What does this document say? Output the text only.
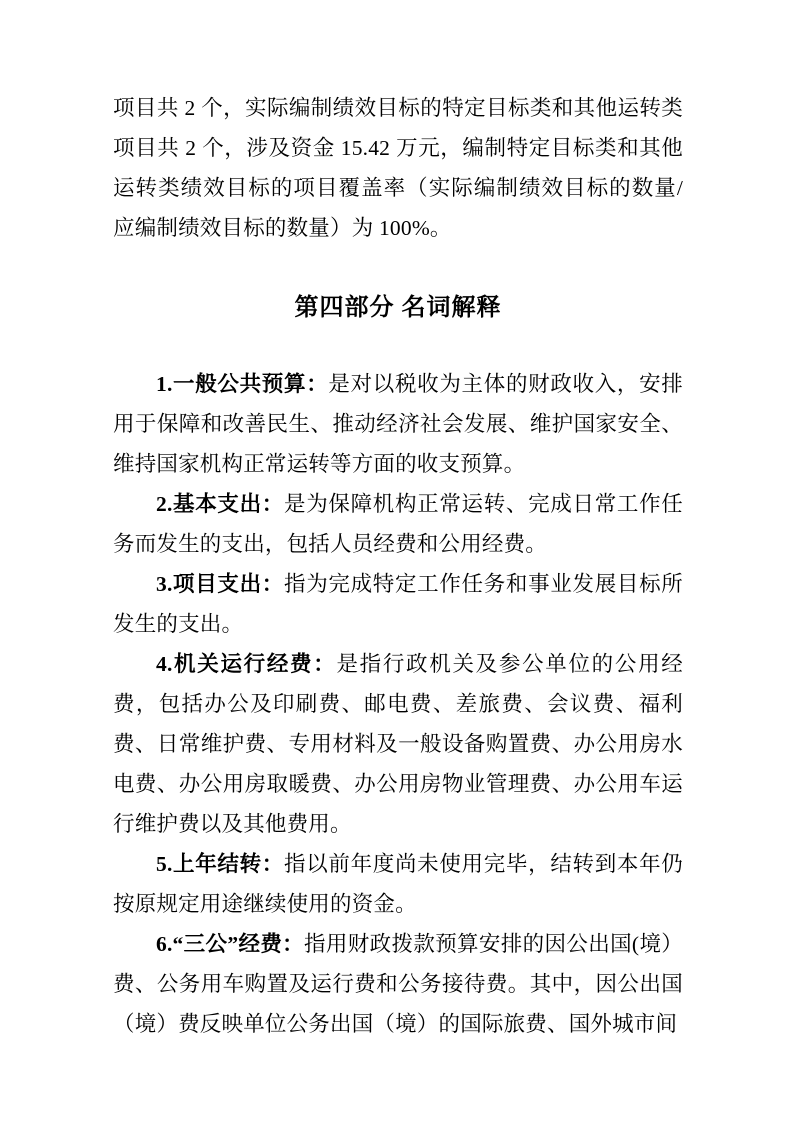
项目共 2 个，实际编制绩效目标的特定目标类和其他运转类项目共 2 个，涉及资金 15.42 万元，编制特定目标类和其他运转类绩效目标的项目覆盖率（实际编制绩效目标的数量/应编制绩效目标的数量）为 100%。

第四部分 名词解释

1.一般公共预算：是对以税收为主体的财政收入，安排用于保障和改善民生、推动经济社会发展、维护国家安全、维持国家机构正常运转等方面的收支预算。

2.基本支出：是为保障机构正常运转、完成日常工作任务而发生的支出，包括人员经费和公用经费。

3.项目支出：指为完成特定工作任务和事业发展目标所发生的支出。

4.机关运行经费：是指行政机关及参公单位的公用经费，包括办公及印刷费、邮电费、差旅费、会议费、福利费、日常维护费、专用材料及一般设备购置费、办公用房水电费、办公用房取暖费、办公用房物业管理费、办公用车运行维护费以及其他费用。

5.上年结转：指以前年度尚未使用完毕，结转到本年仍按原规定用途继续使用的资金。

6.“三公”经费：指用财政拨款预算安排的因公出国(境）费、公务用车购置及运行费和公务接待费。其中，因公出国（境）费反映单位公务出国（境）的国际旅费、国外城市间
